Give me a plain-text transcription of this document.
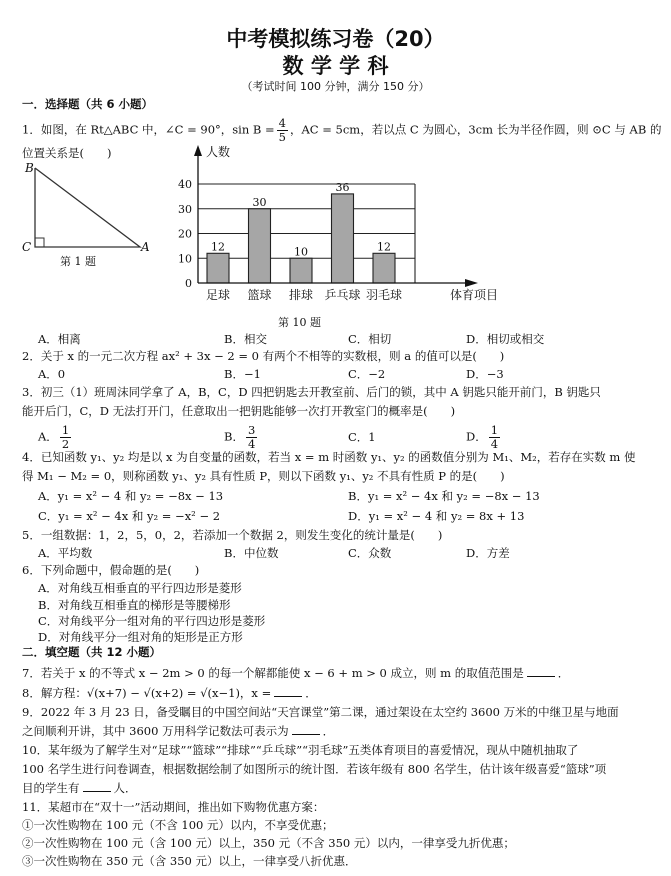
中考模拟练习卷（20）
数 学 学 科
（考试时间 100 分钟，满分 150 分）
一．选择题（共 6 小题）
1．如图，在 Rt△ABC 中，∠C = 90°，$\sin B = \frac{4}{5}$ ，AC = 5cm，若以点 C 为圆心，3cm 长为半径作圆，则 ⊙C 与 AB 的
位置关系是(　　)
B
C	A
第 1 题
0
10
20
30
40
12
足球
30
篮球
10
排球
36
乒乓球
12
羽毛球
人数
体育项目
第 10 题
A．相离	B．相交	C．相切	D．相切或相交
2．关于 x 的一元二次方程 ax² + 3x − 2 = 0 有两个不相等的实数根，则 a 的值可以是(　　)
A．0	B．−1	C．−2	D．−3
3．初三（1）班周沫同学拿了 A，B，C，D 四把钥匙去开教室前、后门的锁，其中 A 钥匙只能开前门，B 钥匙只
能开后门，C，D 无法打开门，任意取出一把钥匙能够一次打开教室门的概率是(　　)
A． $\frac{1}{2}$	B． $\frac{3}{4}$	C．1	D． $\frac{1}{4}$
4．已知函数 y₁、y₂ 均是以 x 为自变量的函数，若当 x = m 时函数 y₁、y₂ 的函数值分别为 M₁、M₂，若存在实数 m 使
得 M₁ − M₂ = 0，则称函数 y₁、y₂ 具有性质 P，则以下函数 y₁、y₂ 不具有性质 P 的是(　　)
A．y₁ = x² − 4 和 y₂ = −8x − 13	B．y₁ = x² − 4x 和 y₂ = −8x − 13
C．y₁ = x² − 4x 和 y₂ = −x² − 2	D．y₁ = x² − 4 和 y₂ = 8x + 13
5．一组数据：1，2，5，0，2，若添加一个数据 2，则发生变化的统计量是(　　)
A．平均数	B．中位数	C．众数	D．方差
6．下列命题中，假命题的是(　　)
A．对角线互相垂直的平行四边形是菱形
B．对角线互相垂直的梯形是等腰梯形
C．对角线平分一组对角的平行四边形是菱形
D．对角线平分一组对角的矩形是正方形
二．填空题（共 12 小题）
7．若关于 x 的不等式 x − 2m > 0 的每一个解都能使 x − 6 + m > 0 成立，则 m 的取值范围是	．
8．解方程：√(x+7) − √(x+2) = √(x−1)，x =	．
9．2022 年 3 月 23 日，备受瞩目的中国空间站“天宫课堂”第二课，通过架设在太空约 3600 万米的中继卫星与地面
之间顺利开讲，其中 3600 万用科学记数法可表示为	．
10．某年级为了解学生对“足球”“篮球”“排球”“乒乓球”“羽毛球”五类体育项目的喜爱情况，现从中随机抽取了
100 名学生进行问卷调查，根据数据绘制了如图所示的统计图．若该年级有 800 名学生，估计该年级喜爱“篮球”项
目的学生有	人．
11．某超市在“双十一”活动期间，推出如下购物优惠方案：
①一次性购物在 100 元（不含 100 元）以内，不享受优惠；
②一次性购物在 100 元（含 100 元）以上，350 元（不含 350 元）以内，一律享受九折优惠；
③一次性购物在 350 元（含 350 元）以上，一律享受八折优惠．
